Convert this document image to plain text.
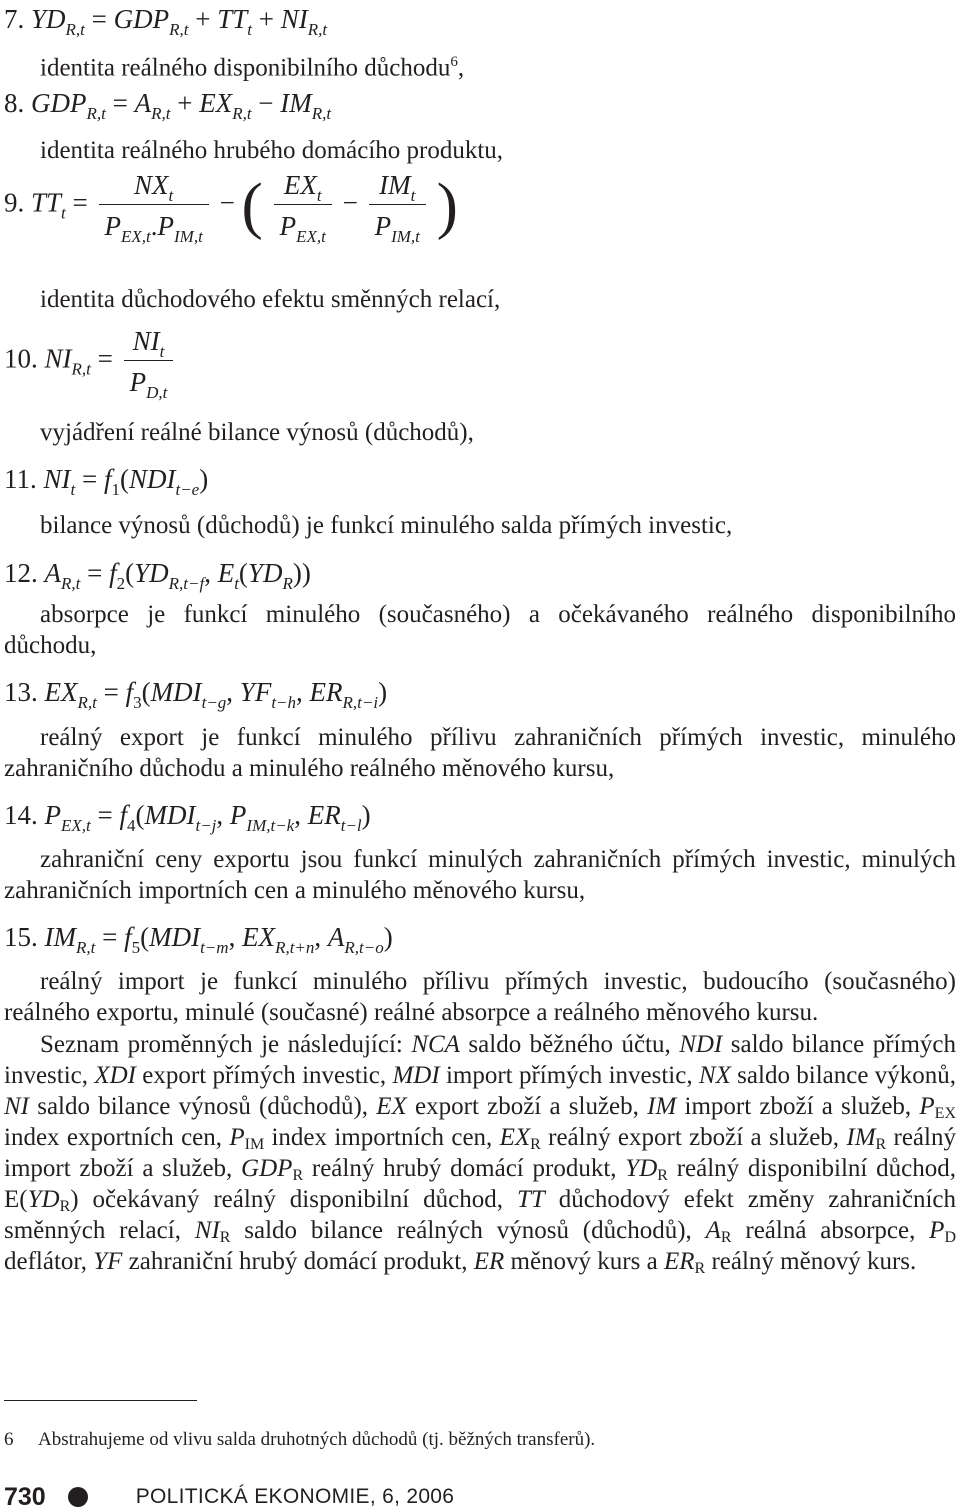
7. $YD_{R,t} = GDP_{R,t} + TT_t + NI_{R,t}$
identita reálného disponibilního důchodu$^6$,
8. $GDP_{R,t} = A_{R,t} + EX_{R,t} - IM_{R,t}$
identita reálného hrubého domácího produktu,
9. $TT_t = \frac{NX_t}{P_{EX,t}.P_{IM,t}}$ − ( $\frac{EX_t}{P_{EX,t}} - \frac{IM_t}{P_{IM,t}}$ )
identita důchodového efektu směnných relací,
10. $NI_{R,t} = \frac{NI_t}{P_{D,t}}$
vyjádření reálné bilance výnosů (důchodů),
11. $NI_t = f_1(NDI_{t-e})$
bilance výnosů (důchodů) je funkcí minulého salda přímých investic,
12. $A_{R,t} = f_2(YD_{R,t-f}$, $E_t(YD_R)$)
absorpce je funkcí minulého (současného) a očekávaného reálného disponibilního důchodu,
13. $EX_{R,t} = f_3(MDI_{t-g}$, $YF_{t-h}$, $ER_{R,t-i}$)
reálný export je funkcí minulého přílivu zahraničních přímých investic, minulého zahraničního důchodu a minulého reálného měnového kursu,
14. $P_{EX,t} = f_4(MDI_{t-j}$, $P_{IM,t-k}$, $ER_{t-l}$)
zahraniční ceny exportu jsou funkcí minulých zahraničních přímých investic, minulých zahraničních importních cen a minulého měnového kursu,
15. $IM_{R,t} = f_5(MDI_{t-m}$, $EX_{R,t+n}$, $A_{R,t-o}$)
reálný import je funkcí minulého přílivu přímých investic, budoucího (současného) reálného exportu, minulé (současné) reálné absorpce a reálného měnového kursu.
Seznam proměnných je následující: NCA saldo běžného účtu, NDI saldo bilance přímých investic, XDI export přímých investic, MDI import přímých investic, NX saldo bilance výkonů, NI saldo bilance výnosů (důchodů), EX export zboží a služeb, IM import zboží a služeb, $P_{EX}$ index exportních cen, $P_{IM}$ index importních cen, $EX_R$ reálný export zboží a služeb, $IM_R$ reálný import zboží a služeb, $GDP_R$ reálný hrubý domácí produkt, $YD_R$ reálný disponibilní důchod, $E(YD_R)$ očekávaný reálný disponibilní důchod, TT důchodový efekt změny zahraničních směnných relací, $NI_R$ saldo bilance reálných výnosů (důchodů), $A_R$ reálná absorpce, $P_D$ deflátor, YF zahraniční hrubý domácí produkt, ER měnový kurs a $ER_R$ reálný měnový kurs.
6 Abstrahujeme od vlivu salda druhotných důchodů (tj. běžných transferů).
730	POLITICKÁ EKONOMIE, 6, 2006
